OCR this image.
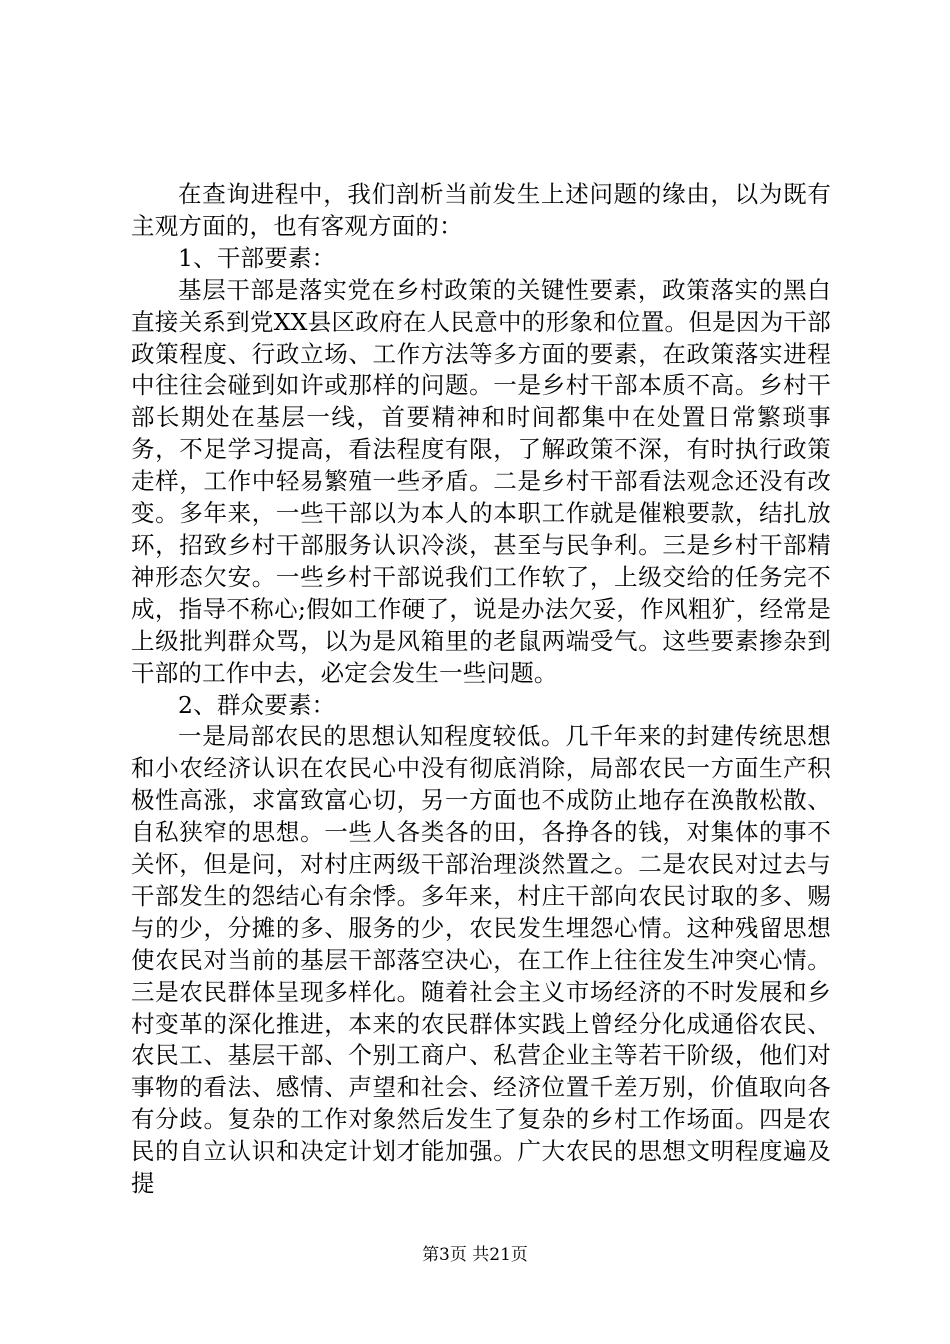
在查询进程中，我们剖析当前发生上述问题的缘由，以为既有主观方面的，也有客观方面的：

1、干部要素：

基层干部是落实党在乡村政策的关键性要素，政策落实的黑白直接关系到党XX县区政府在人民意中的形象和位置。但是因为干部政策程度、行政立场、工作方法等多方面的要素，在政策落实进程中往往会碰到如许或那样的问题。一是乡村干部本质不高。乡村干部长期处在基层一线，首要精神和时间都集中在处置日常繁琐事务，不足学习提高，看法程度有限，了解政策不深，有时执行政策走样，工作中轻易繁殖一些矛盾。二是乡村干部看法观念还没有改变。多年来，一些干部以为本人的本职工作就是催粮要款，结扎放环，招致乡村干部服务认识冷淡，甚至与民争利。三是乡村干部精神形态欠安。一些乡村干部说我们工作软了，上级交给的任务完不成，指导不称心;假如工作硬了，说是办法欠妥，作风粗犷，经常是上级批判群众骂，以为是风箱里的老鼠两端受气。这些要素掺杂到干部的工作中去，必定会发生一些问题。

2、群众要素：

一是局部农民的思想认知程度较低。几千年来的封建传统思想和小农经济认识在农民心中没有彻底消除，局部农民一方面生产积极性高涨，求富致富心切，另一方面也不成防止地存在涣散松散、自私狭窄的思想。一些人各类各的田，各挣各的钱，对集体的事不关怀，但是问，对村庄两级干部治理淡然置之。二是农民对过去与干部发生的怨结心有余悸。多年来，村庄干部向农民讨取的多、赐与的少，分摊的多、服务的少，农民发生埋怨心情。这种残留思想使农民对当前的基层干部落空决心，在工作上往往发生冲突心情。三是农民群体呈现多样化。随着社会主义市场经济的不时发展和乡村变革的深化推进，本来的农民群体实践上曾经分化成通俗农民、农民工、基层干部、个别工商户、私营企业主等若干阶级，他们对事物的看法、感情、声望和社会、经济位置千差万别，价值取向各有分歧。复杂的工作对象然后发生了复杂的乡村工作场面。四是农民的自立认识和决定计划才能加强。广大农民的思想文明程度遍及提

第3页 共21页
